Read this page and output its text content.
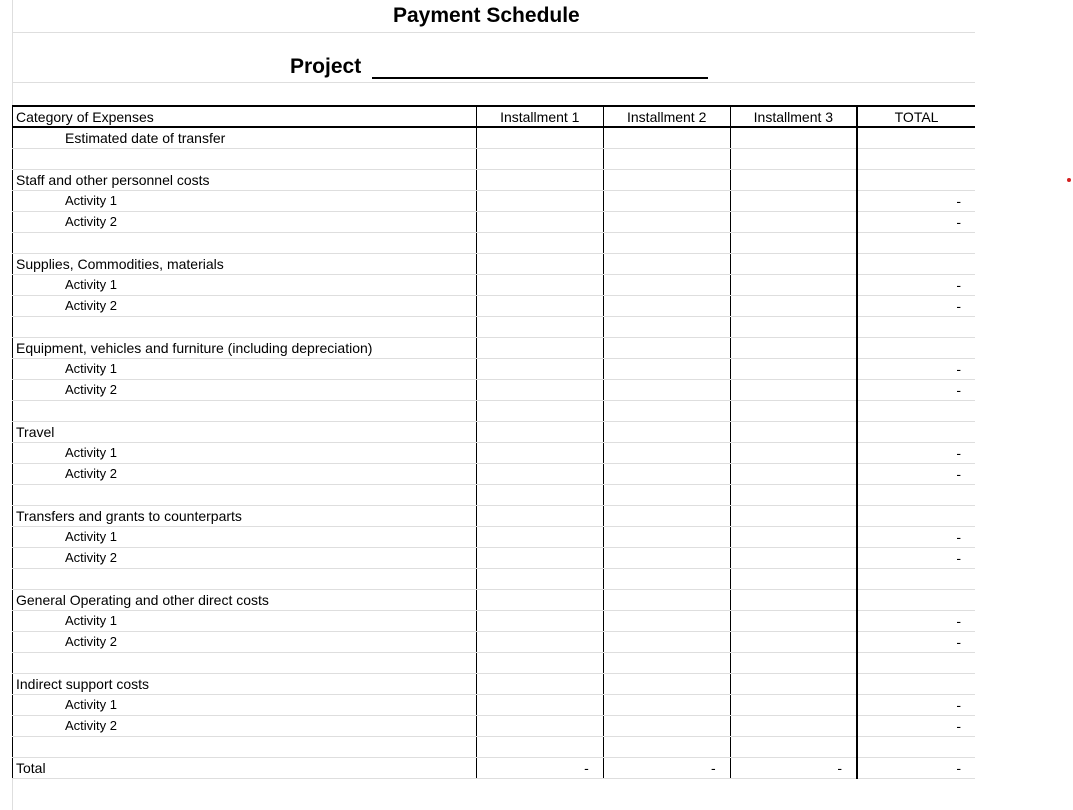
Payment Schedule
Project
Category of Expenses	Installment 1	Installment 2	Installment 3	TOTAL
Estimated date of transfer				

Staff and other personnel costs				
Activity 1				-
Activity 2				-

Supplies, Commodities, materials				
Activity 1				-
Activity 2				-

Equipment, vehicles and furniture (including depreciation)				
Activity 1				-
Activity 2				-

Travel				
Activity 1				-
Activity 2				-

Transfers and grants to counterparts				
Activity 1				-
Activity 2				-

General Operating and other direct costs				
Activity 1				-
Activity 2				-

Indirect support costs				
Activity 1				-
Activity 2				-

Total	-	-	-	-
